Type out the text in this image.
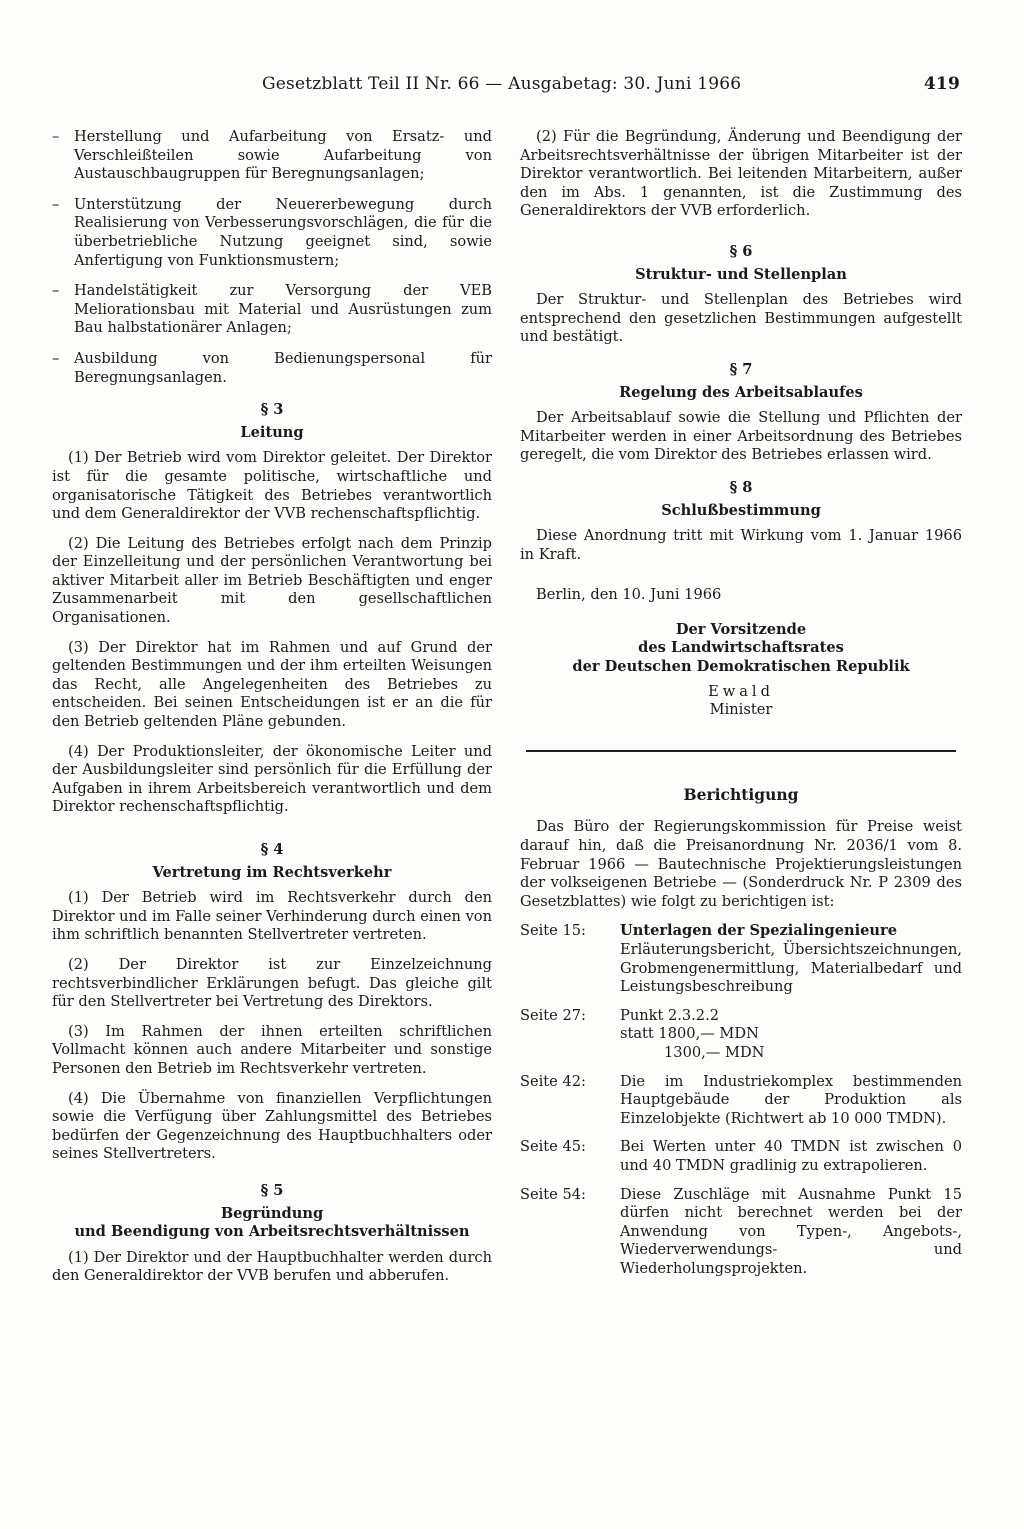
Gesetzblatt Teil II Nr. 66 — Ausgabetag: 30. Juni 1966	419
– Herstellung und Aufarbeitung von Ersatz- und Verschleißteilen sowie Aufarbeitung von Austauschbaugruppen für Beregnungsanlagen;
– Unterstützung der Neuererbewegung durch Realisierung von Verbesserungsvorschlägen, die für die überbetriebliche Nutzung geeignet sind, sowie Anfertigung von Funktionsmustern;
– Handelstätigkeit zur Versorgung der VEB Meliorationsbau mit Material und Ausrüstungen zum Bau halbstationärer Anlagen;
– Ausbildung von Bedienungspersonal für Beregnungsanlagen.
§ 3
Leitung

(1) Der Betrieb wird vom Direktor geleitet. Der Direktor ist für die gesamte politische, wirtschaftliche und organisatorische Tätigkeit des Betriebes verantwortlich und dem Generaldirektor der VVB rechenschaftspflichtig.

(2) Die Leitung des Betriebes erfolgt nach dem Prinzip der Einzelleitung und der persönlichen Verantwortung bei aktiver Mitarbeit aller im Betrieb Beschäftigten und enger Zusammenarbeit mit den gesellschaftlichen Organisationen.

(3) Der Direktor hat im Rahmen und auf Grund der geltenden Bestimmungen und der ihm erteilten Weisungen das Recht, alle Angelegenheiten des Betriebes zu entscheiden. Bei seinen Entscheidungen ist er an die für den Betrieb geltenden Pläne gebunden.

(4) Der Produktionsleiter, der ökonomische Leiter und der Ausbildungsleiter sind persönlich für die Erfüllung der Aufgaben in ihrem Arbeitsbereich verantwortlich und dem Direktor rechenschaftspflichtig.

§ 4
Vertretung im Rechtsverkehr

(1) Der Betrieb wird im Rechtsverkehr durch den Direktor und im Falle seiner Verhinderung durch einen von ihm schriftlich benannten Stellvertreter vertreten.

(2) Der Direktor ist zur Einzelzeichnung rechtsverbindlicher Erklärungen befugt. Das gleiche gilt für den Stellvertreter bei Vertretung des Direktors.

(3) Im Rahmen der ihnen erteilten schriftlichen Vollmacht können auch andere Mitarbeiter und sonstige Personen den Betrieb im Rechtsverkehr vertreten.

(4) Die Übernahme von finanziellen Verpflichtungen sowie die Verfügung über Zahlungsmittel des Betriebes bedürfen der Gegenzeichnung des Hauptbuchhalters oder seines Stellvertreters.

§ 5
Begründung
und Beendigung von Arbeitsrechtsverhältnissen

(1) Der Direktor und der Hauptbuchhalter werden durch den Generaldirektor der VVB berufen und abberufen.

(2) Für die Begründung, Änderung und Beendigung der Arbeitsrechtsverhältnisse der übrigen Mitarbeiter ist der Direktor verantwortlich. Bei leitenden Mitarbeitern, außer den im Abs. 1 genannten, ist die Zustimmung des Generaldirektors der VVB erforderlich.

§ 6
Struktur- und Stellenplan

Der Struktur- und Stellenplan des Betriebes wird entsprechend den gesetzlichen Bestimmungen aufgestellt und bestätigt.

§ 7
Regelung des Arbeitsablaufes

Der Arbeitsablauf sowie die Stellung und Pflichten der Mitarbeiter werden in einer Arbeitsordnung des Betriebes geregelt, die vom Direktor des Betriebes erlassen wird.

§ 8
Schlußbestimmung

Diese Anordnung tritt mit Wirkung vom 1. Januar 1966 in Kraft.

Berlin, den 10. Juni 1966

Der Vorsitzende
des Landwirtschaftsrates
der Deutschen Demokratischen Republik
Ewald
Minister
Berichtigung

Das Büro der Regierungskommission für Preise weist darauf hin, daß die Preisanordnung Nr. 2036/1 vom 8. Februar 1966 — Bautechnische Projektierungsleistungen der volkseigenen Betriebe — (Sonderdruck Nr. P 2309 des Gesetzblattes) wie folgt zu berichtigen ist:

Seite 15:	Unterlagen der Spezialingenieure
Erläuterungsbericht, Übersichtszeichnungen, Grobmengenermittlung, Materialbedarf und Leistungsbeschreibung
Seite 27:	Punkt 2.3.2.2
statt 1800,— MDN
1300,— MDN
Seite 42:	Die im Industriekomplex bestimmenden Hauptgebäude der Produktion als Einzelobjekte (Richtwert ab 10 000 TMDN).
Seite 45:	Bei Werten unter 40 TMDN ist zwischen 0 und 40 TMDN gradlinig zu extrapolieren.
Seite 54:	Diese Zuschläge mit Ausnahme Punkt 15 dürfen nicht berechnet werden bei der Anwendung von Typen-, Angebots-, Wiederverwendungs- und Wiederholungsprojekten.
